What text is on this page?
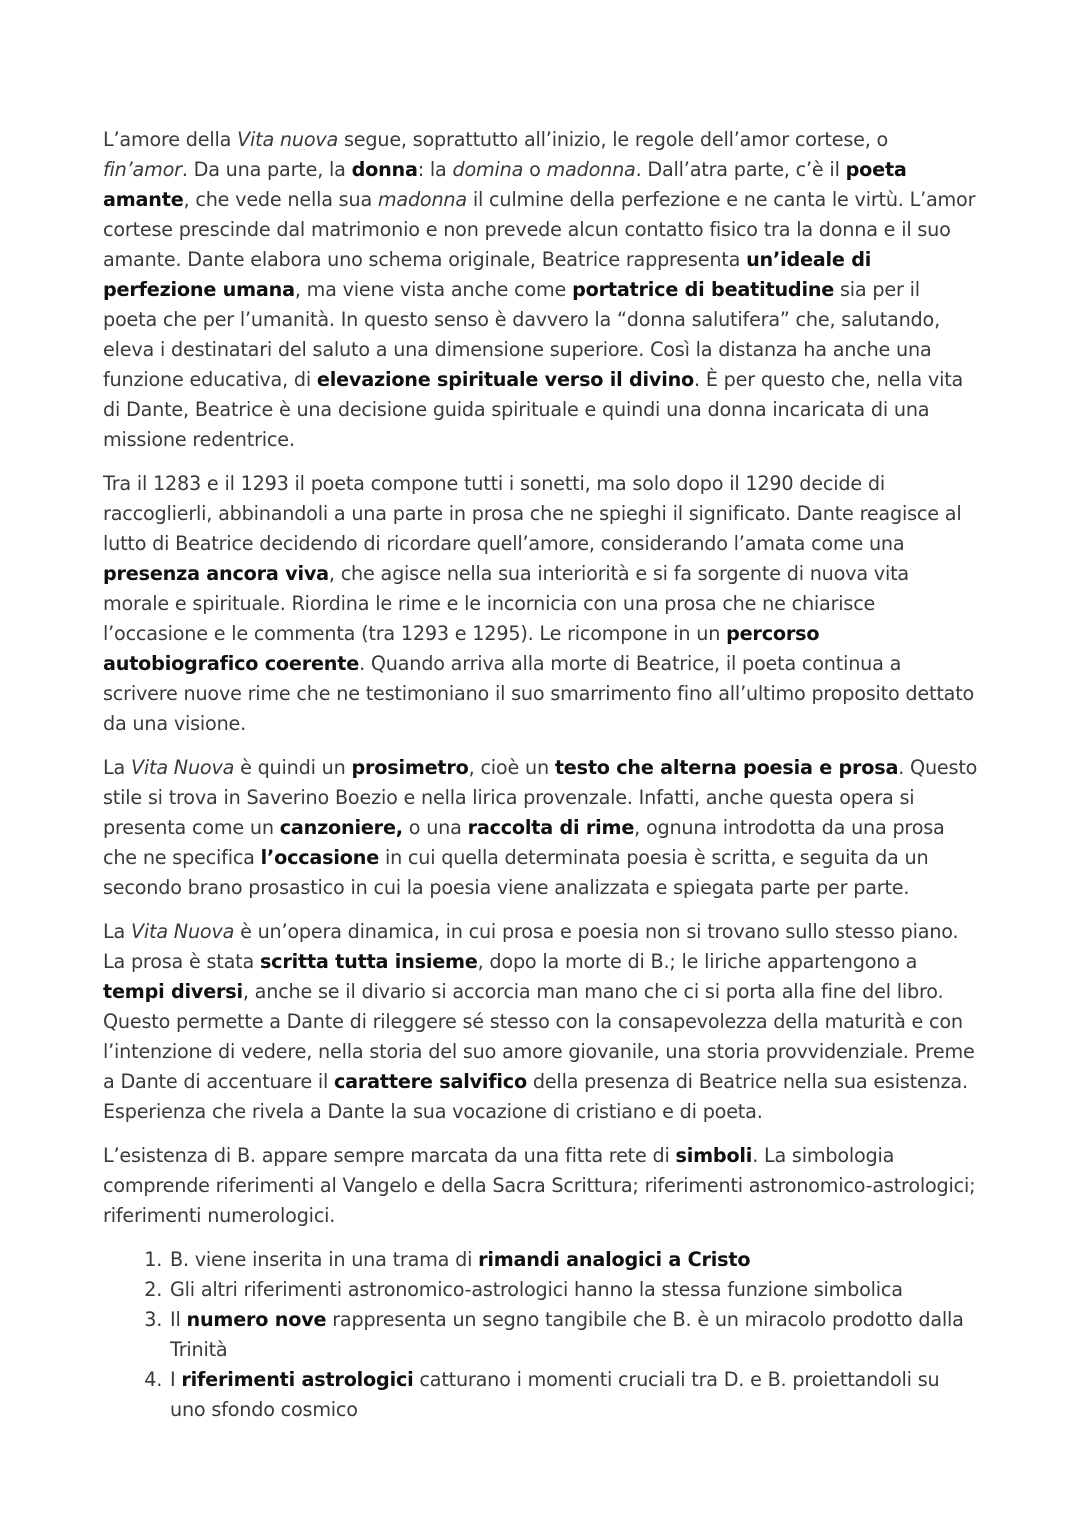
L’amore della Vita nuova segue, soprattutto all’inizio, le regole dell’amor cortese, o fin’amor. Da una parte, la donna: la domina o madonna. Dall’atra parte, c’è il poeta amante, che vede nella sua madonna il culmine della perfezione e ne canta le virtù. L’amor cortese prescinde dal matrimonio e non prevede alcun contatto fisico tra la donna e il suo amante. Dante elabora uno schema originale, Beatrice rappresenta un’ideale di perfezione umana, ma viene vista anche come portatrice di beatitudine sia per il poeta che per l’umanità. In questo senso è davvero la “donna salutifera” che, salutando, eleva i destinatari del saluto a una dimensione superiore. Così la distanza ha anche una funzione educativa, di elevazione spirituale verso il divino. È per questo che, nella vita di Dante, Beatrice è una decisione guida spirituale e quindi una donna incaricata di una missione redentrice.

Tra il 1283 e il 1293 il poeta compone tutti i sonetti, ma solo dopo il 1290 decide di raccoglierli, abbinandoli a una parte in prosa che ne spieghi il significato. Dante reagisce al lutto di Beatrice decidendo di ricordare quell’amore, considerando l’amata come una presenza ancora viva, che agisce nella sua interiorità e si fa sorgente di nuova vita morale e spirituale. Riordina le rime e le incornicia con una prosa che ne chiarisce l’occasione e le commenta (tra 1293 e 1295). Le ricompone in un percorso autobiografico coerente. Quando arriva alla morte di Beatrice, il poeta continua a scrivere nuove rime che ne testimoniano il suo smarrimento fino all’ultimo proposito dettato da una visione.

La Vita Nuova è quindi un prosimetro, cioè un testo che alterna poesia e prosa. Questo stile si trova in Saverino Boezio e nella lirica provenzale. Infatti, anche questa opera si presenta come un canzoniere, o una raccolta di rime, ognuna introdotta da una prosa che ne specifica l’occasione in cui quella determinata poesia è scritta, e seguita da un secondo brano prosastico in cui la poesia viene analizzata e spiegata parte per parte.

La Vita Nuova è un’opera dinamica, in cui prosa e poesia non si trovano sullo stesso piano. La prosa è stata scritta tutta insieme, dopo la morte di B.; le liriche appartengono a tempi diversi, anche se il divario si accorcia man mano che ci si porta alla fine del libro. Questo permette a Dante di rileggere sé stesso con la consapevolezza della maturità e con l’intenzione di vedere, nella storia del suo amore giovanile, una storia provvidenziale. Preme a Dante di accentuare il carattere salvifico della presenza di Beatrice nella sua esistenza. Esperienza che rivela a Dante la sua vocazione di cristiano e di poeta.

L’esistenza di B. appare sempre marcata da una fitta rete di simboli. La simbologia comprende riferimenti al Vangelo e della Sacra Scrittura; riferimenti astronomico-astrologici; riferimenti numerologici.

1. B. viene inserita in una trama di rimandi analogici a Cristo
2. Gli altri riferimenti astronomico-astrologici hanno la stessa funzione simbolica
3. Il numero nove rappresenta un segno tangibile che B. è un miracolo prodotto dalla Trinità
4. I riferimenti astrologici catturano i momenti cruciali tra D. e B. proiettandoli su uno sfondo cosmico
